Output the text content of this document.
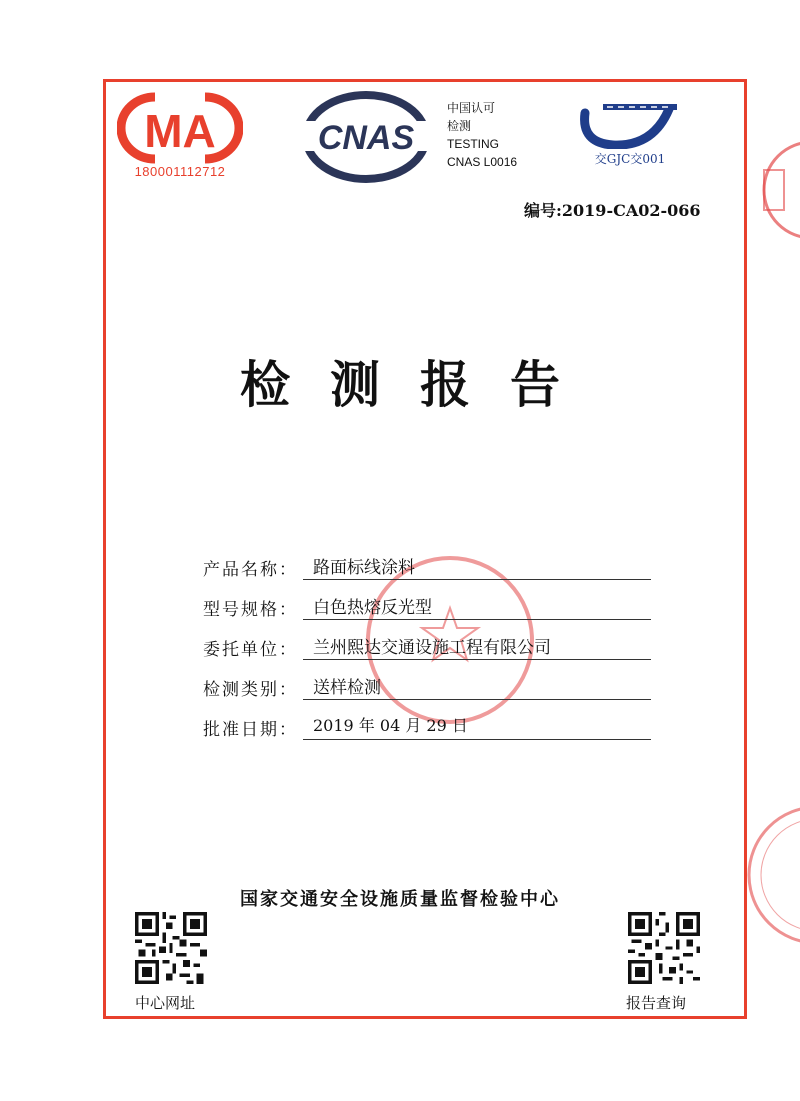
MA
180001112712
CNAS
中国认可
检测
TESTING
CNAS L0016	交GJC交001
编号:2019-CA02-066
检测报告
产品名称： 路面标线涂料
型号规格： 白色热熔反光型
委托单位： 兰州熙达交通设施工程有限公司
检测类别： 送样检测
批准日期： 2019 年 04 月 29 日
国家交通安全设施质量监督检验中心
中心网址	报告查询
